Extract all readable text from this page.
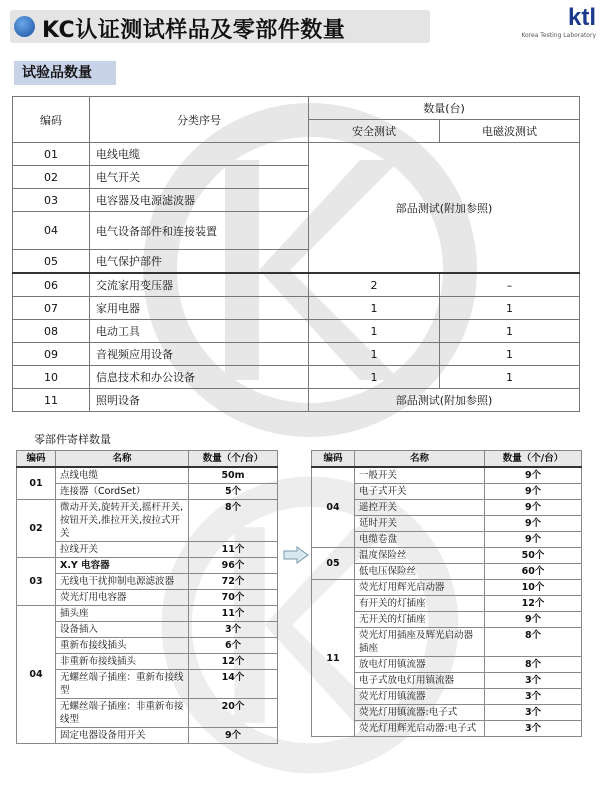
KC认证测试样品及零部件数量	ktl
Korea Testing Laboratory
试验品数量
编码	分类序号	数量(台)	
		安全测试	电磁波测试
01	电线电缆	部品测试(附加参照)	
02	电气开关		
03	电容器及电源滤波器		
04	电气设备部件和连接装置		
05	电气保护部件		
06	交流家用变压器	2	–
07	家用电器	1	1
08	电动工具	1	1
09	音视频应用设备	1	1
10	信息技术和办公设备	1	1
11	照明设备	部品测试(附加参照)	
零部件寄样数量
编码	名称	数量（个/台）
01	点线电缆	50m
	连接器（CordSet）	5个
02	微动开关,旋转开关,摇杆开关,按钮开关,推拉开关,按拉式开关	8个
	拉线开关	11个
03	X.Y 电容器	96个
	无线电干扰抑制电源滤波器	72个
	荧光灯用电容器	70个
04	插头座	11个
	设备插入	3个
	重新布接线插头	6个
	非重新布接线插头	12个
	无螺丝端子插座：重新布接线型	14个
	无螺丝端子插座：非重新布接线型	20个
	固定电器设备用开关	9个
编码	名称	数量（个/台）
04	一般开关	9个
	电子式开关	9个
	遥控开关	9个
	延时开关	9个
	电缆卷盘	9个
05	温度保险丝	50个
	低电压保险丝	60个
11	荧光灯用辉光启动器	10个
	有开关的灯插座	12个
	无开关的灯插座	9个
	荧光灯用插座及辉光启动器插座	8个
	放电灯用镇流器	8个
	电子式放电灯用镇流器	3个
	荧光灯用镇流器	3个
	荧光灯用镇流器:电子式	3个
	荧光灯用辉光启动器:电子式	3个
